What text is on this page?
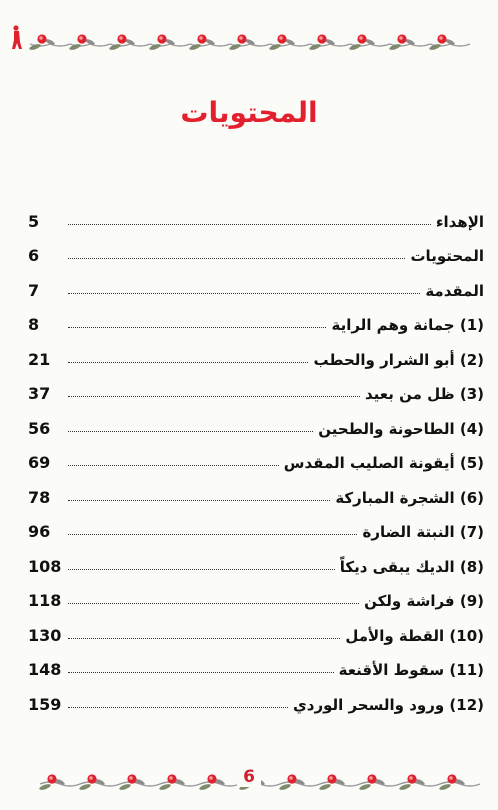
المحتويات
الإهداء
5
المحتويات
6
المقدمة
7
(1) جمانة وهم الراية
8
(2) أبو الشرار والحطب
21
(3) ظل من بعيد
37
(4) الطاحونة والطحين
56
(5) أيقونة الصليب المقدس
69
(6) الشجرة المباركة
78
(7) النبتة الضارة
96
(8) الديك يبقى ديكاً
108
(9) فراشة ولكن
118
(10) القطة والأمل
130
(11) سقوط الأقنعة
148
(12) ورود والسحر الوردي
159
6
